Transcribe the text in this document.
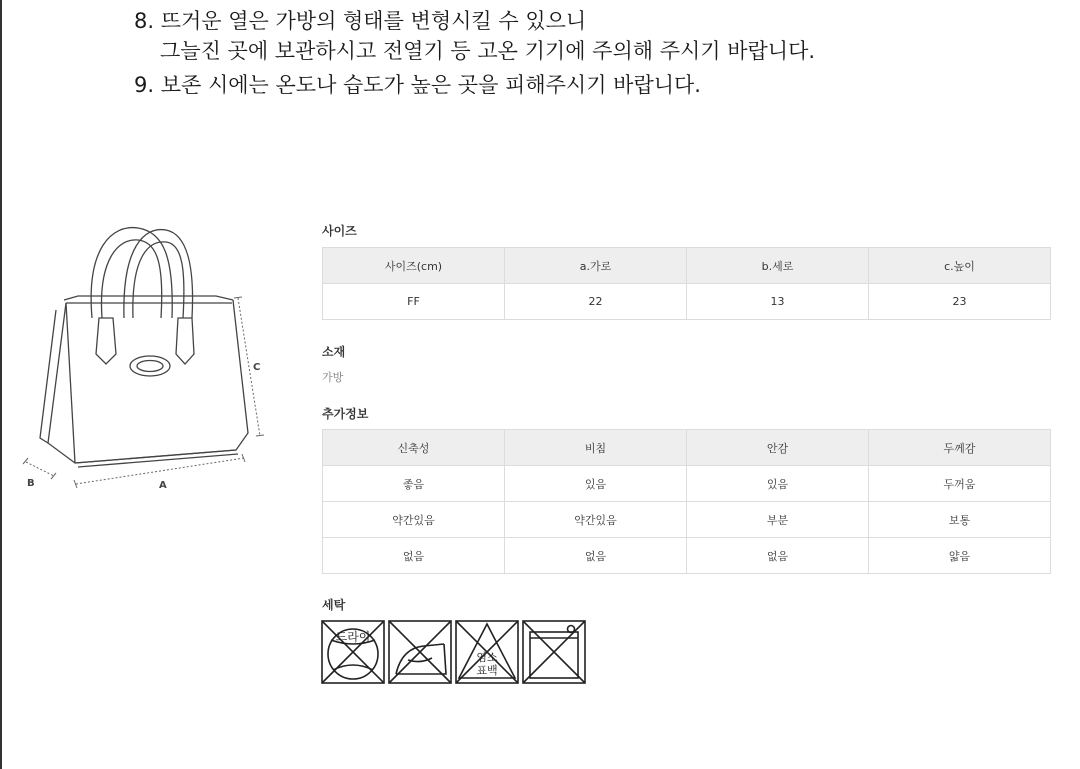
8. 뜨거운 열은 가방의 형태를 변형시킬 수 있으니
그늘진 곳에 보관하시고 전열기 등 고온 기기에 주의해 주시기 바랍니다.
9. 보존 시에는 온도나 습도가 높은 곳을 피해주시기 바랍니다.
C
A
B
사이즈
사이즈(cm)	a.가로	b.세로	c.높이
FF	22	13	23
소재
가방
추가정보
신축성	비침	안감	두께감
좋음	있음	있음	두꺼움
약간있음	약간있음	부분	보통
없음	없음	없음	얇음
세탁
드라이
염소
표백
